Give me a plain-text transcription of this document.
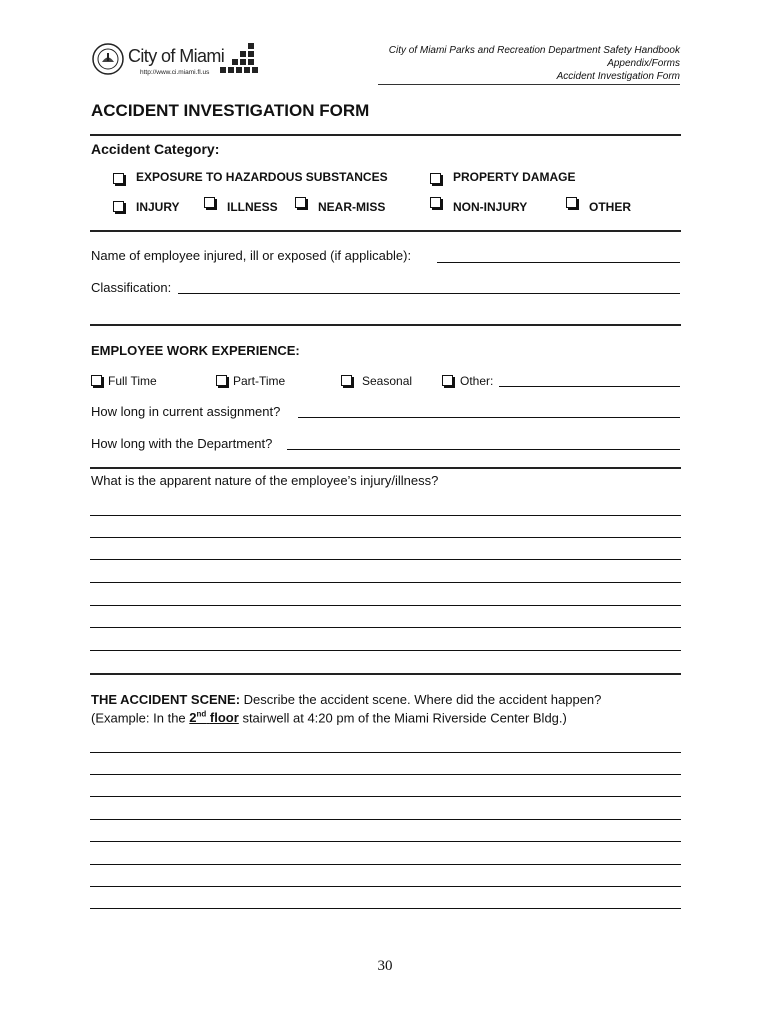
City of Miami
http://www.ci.miami.fl.us
City of Miami Parks and Recreation Department Safety Handbook
Appendix/Forms
Accident Investigation Form
ACCIDENT INVESTIGATION FORM
Accident Category:
EXPOSURE TO HAZARDOUS SUBSTANCES	PROPERTY DAMAGE
INJURY	ILLNESS	NEAR-MISS	NON-INJURY	OTHER
Name of employee injured, ill or exposed (if applicable):
Classification:
EMPLOYEE WORK EXPERIENCE:
Full Time	Part-Time	Seasonal	Other:
How long in current assignment?
How long with the Department?
What is the apparent nature of the employee’s injury/illness?
THE ACCIDENT SCENE: Describe the accident scene. Where did the accident happen?
(Example: In the 2nd floor stairwell at 4:20 pm of the Miami Riverside Center Bldg.)
30
